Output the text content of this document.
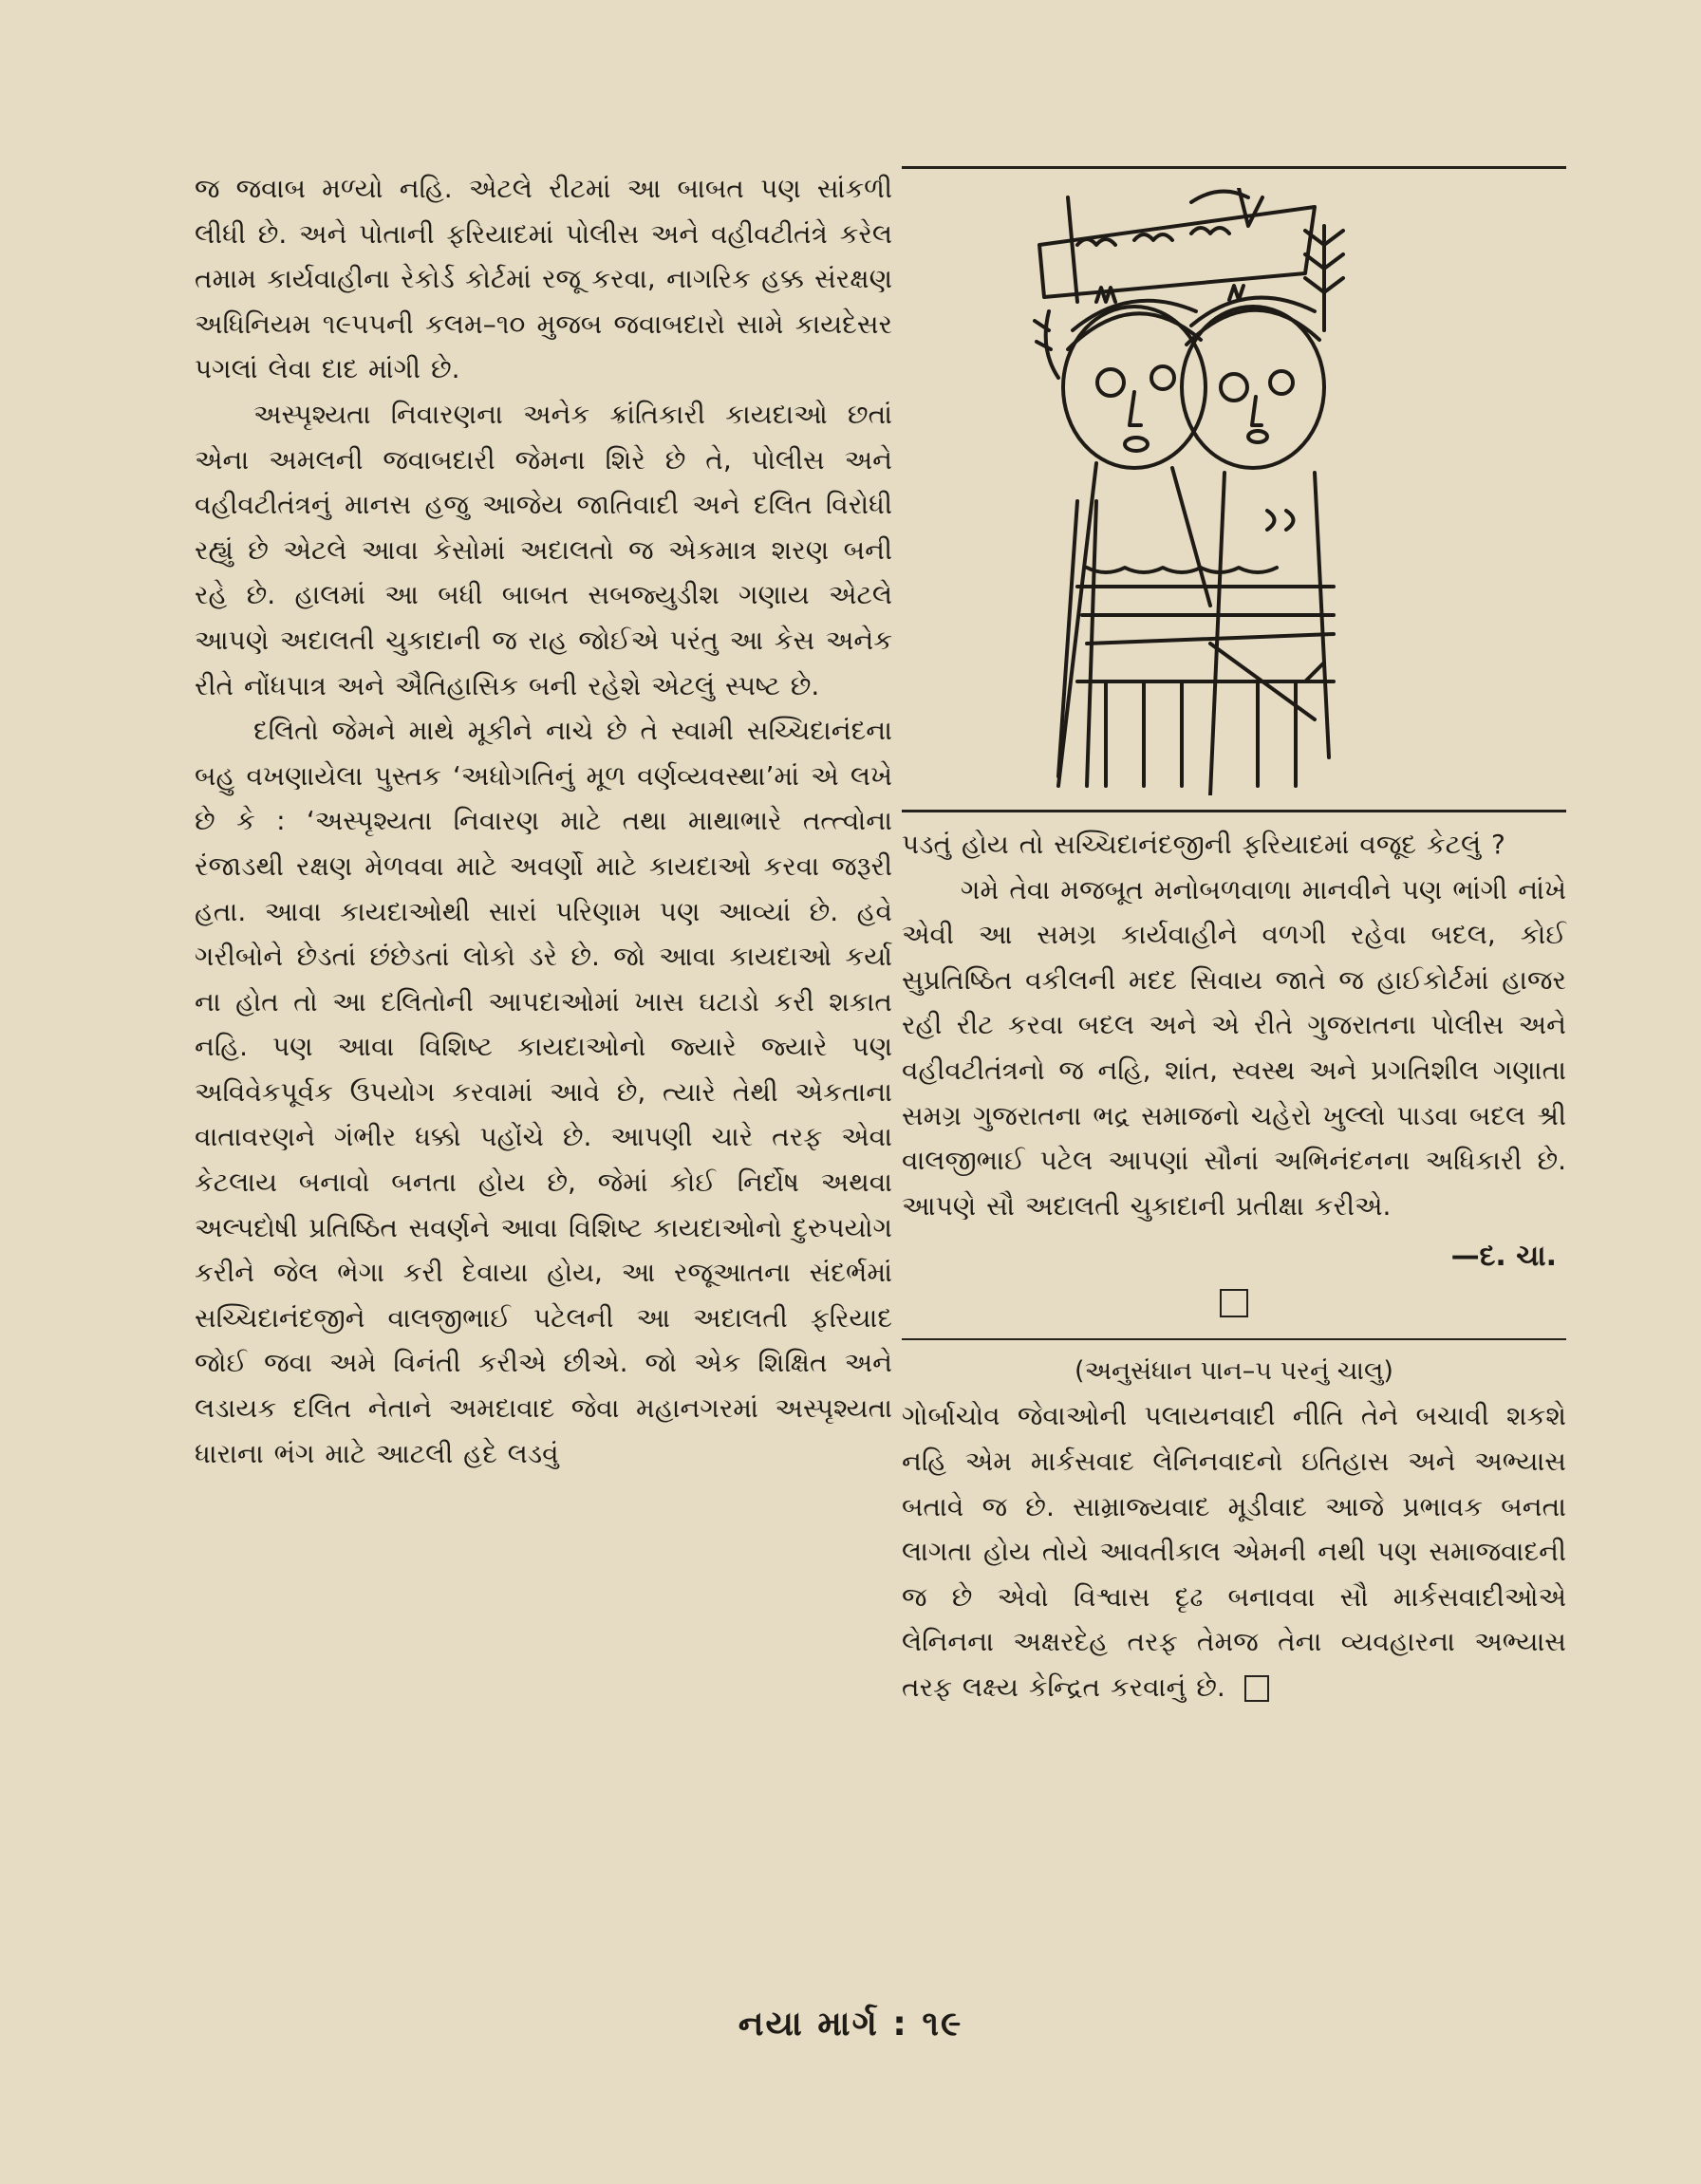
જ જવાબ મળ્યો નહિ. એટલે રીટમાં આ બાબત પણ સાંકળી લીધી છે. અને પોતાની ફરિયાદમાં પોલીસ અને વહીવટીતંત્રે કરેલ તમામ કાર્યવાહીના રેકોર્ડ કોર્ટમાં રજૂ કરવા, નાગરિક હક્ક સંરક્ષણ અધિનિયમ ૧૯૫૫ની કલમ–૧૦ મુજબ જવાબદારો સામે કાયદેસર પગલાં લેવા દાદ માંગી છે.

અસ્પૃશ્યતા નિવારણના અનેક ક્રાંતિકારી કાયદાઓ છતાં એના અમલની જવાબદારી જેમના શિરે છે તે, પોલીસ અને વહીવટીતંત્રનું માનસ હજુ આજેય જાતિવાદી અને દલિત વિરોધી રહ્યું છે એટલે આવા કેસોમાં અદાલતો જ એકમાત્ર શરણ બની રહે છે. હાલમાં આ બધી બાબત સબજ્યુડીશ ગણાય એટલે આપણે અદાલતી ચુકાદાની જ રાહ જોઈએ પરંતુ આ કેસ અનેક રીતે નોંધપાત્ર અને ઐતિહાસિક બની રહેશે એટલું સ્પષ્ટ છે.

દલિતો જેમને માથે મૂકીને નાચે છે તે સ્વામી સચ્ચિદાનંદના બહુ વખણાયેલા પુસ્તક ‘અધોગતિનું મૂળ વર્ણવ્યવસ્થા’માં એ લખે છે કે : ‘અસ્પૃશ્યતા નિવારણ માટે તથા માથાભારે તત્ત્વોના રંજાડથી રક્ષણ મેળવવા માટે અવર્ણો માટે કાયદાઓ કરવા જરૂરી હતા. આવા કાયદાઓથી સારાં પરિણામ પણ આવ્યાં છે. હવે ગરીબોને છેડતાં છંછેડતાં લોકો ડરે છે. જો આવા કાયદાઓ કર્યા ના હોત તો આ દલિતોની આપદાઓમાં ખાસ ઘટાડો કરી શકાત નહિ. પણ આવા વિશિષ્ટ કાયદાઓનો જ્યારે જ્યારે પણ અવિવેકપૂર્વક ઉપયોગ કરવામાં આવે છે, ત્યારે તેથી એકતાના વાતાવરણને ગંભીર ધક્કો પહોંચે છે. આપણી ચારે તરફ એવા કેટલાય બનાવો બનતા હોય છે, જેમાં કોઈ નિર્દોષ અથવા અલ્પદોષી પ્રતિષ્ઠિત સવર્ણને આવા વિશિષ્ટ કાયદાઓનો દુરુપયોગ કરીને જેલ ભેગા કરી દેવાયા હોય, આ રજૂઆતના સંદર્ભમાં સચ્ચિદાનંદજીને વાલજીભાઈ પટેલની આ અદાલતી ફરિયાદ જોઈ જવા અમે વિનંતી કરીએ છીએ. જો એક શિક્ષિત અને લડાયક દલિત નેતાને અમદાવાદ જેવા મહાનગરમાં અસ્પૃશ્યતા ધારાના ભંગ માટે આટલી હદે લડવું

પડતું હોય તો સચ્ચિદાનંદજીની ફરિયાદમાં વજૂદ કેટલું ?

ગમે તેવા મજબૂત મનોબળવાળા માનવીને પણ ભાંગી નાંખે એવી આ સમગ્ર કાર્યવાહીને વળગી રહેવા બદલ, કોઈ સુપ્રતિષ્ઠિત વકીલની મદદ સિવાય જાતે જ હાઈકોર્ટમાં હાજર રહી રીટ કરવા બદલ અને એ રીતે ગુજરાતના પોલીસ અને વહીવટીતંત્રનો જ નહિ, શાંત, સ્વસ્થ અને પ્રગતિશીલ ગણાતા સમગ્ર ગુજરાતના ભદ્ર સમાજનો ચહેરો ખુલ્લો પાડવા બદલ શ્રી વાલજીભાઈ પટેલ આપણાં સૌનાં અભિનંદનના અધિકારી છે. આપણે સૌ અદાલતી ચુકાદાની પ્રતીક્ષા કરીએ.

—દ. ચા.
(અનુસંધાન પાન–૫ પરનું ચાલુ)

ગોર્બાચોવ જેવાઓની પલાયનવાદી નીતિ તેને બચાવી શકશે નહિ એમ માર્કસવાદ લેનિનવાદનો ઇતિહાસ અને અભ્યાસ બતાવે જ છે. સામ્રાજ્યવાદ મૂડીવાદ આજે પ્રભાવક બનતા લાગતા હોય તોયે આવતીકાલ એમની નથી પણ સમાજવાદની જ છે એવો વિશ્વાસ દૃઢ બનાવવા સૌ માર્કસવાદીઓએ લેનિનના અક્ષરદેહ તરફ તેમજ તેના વ્યવહારના અભ્યાસ તરફ લક્ષ્ય કેન્દ્રિત કરવાનું છે.

નયા માર્ગ : ૧૯
